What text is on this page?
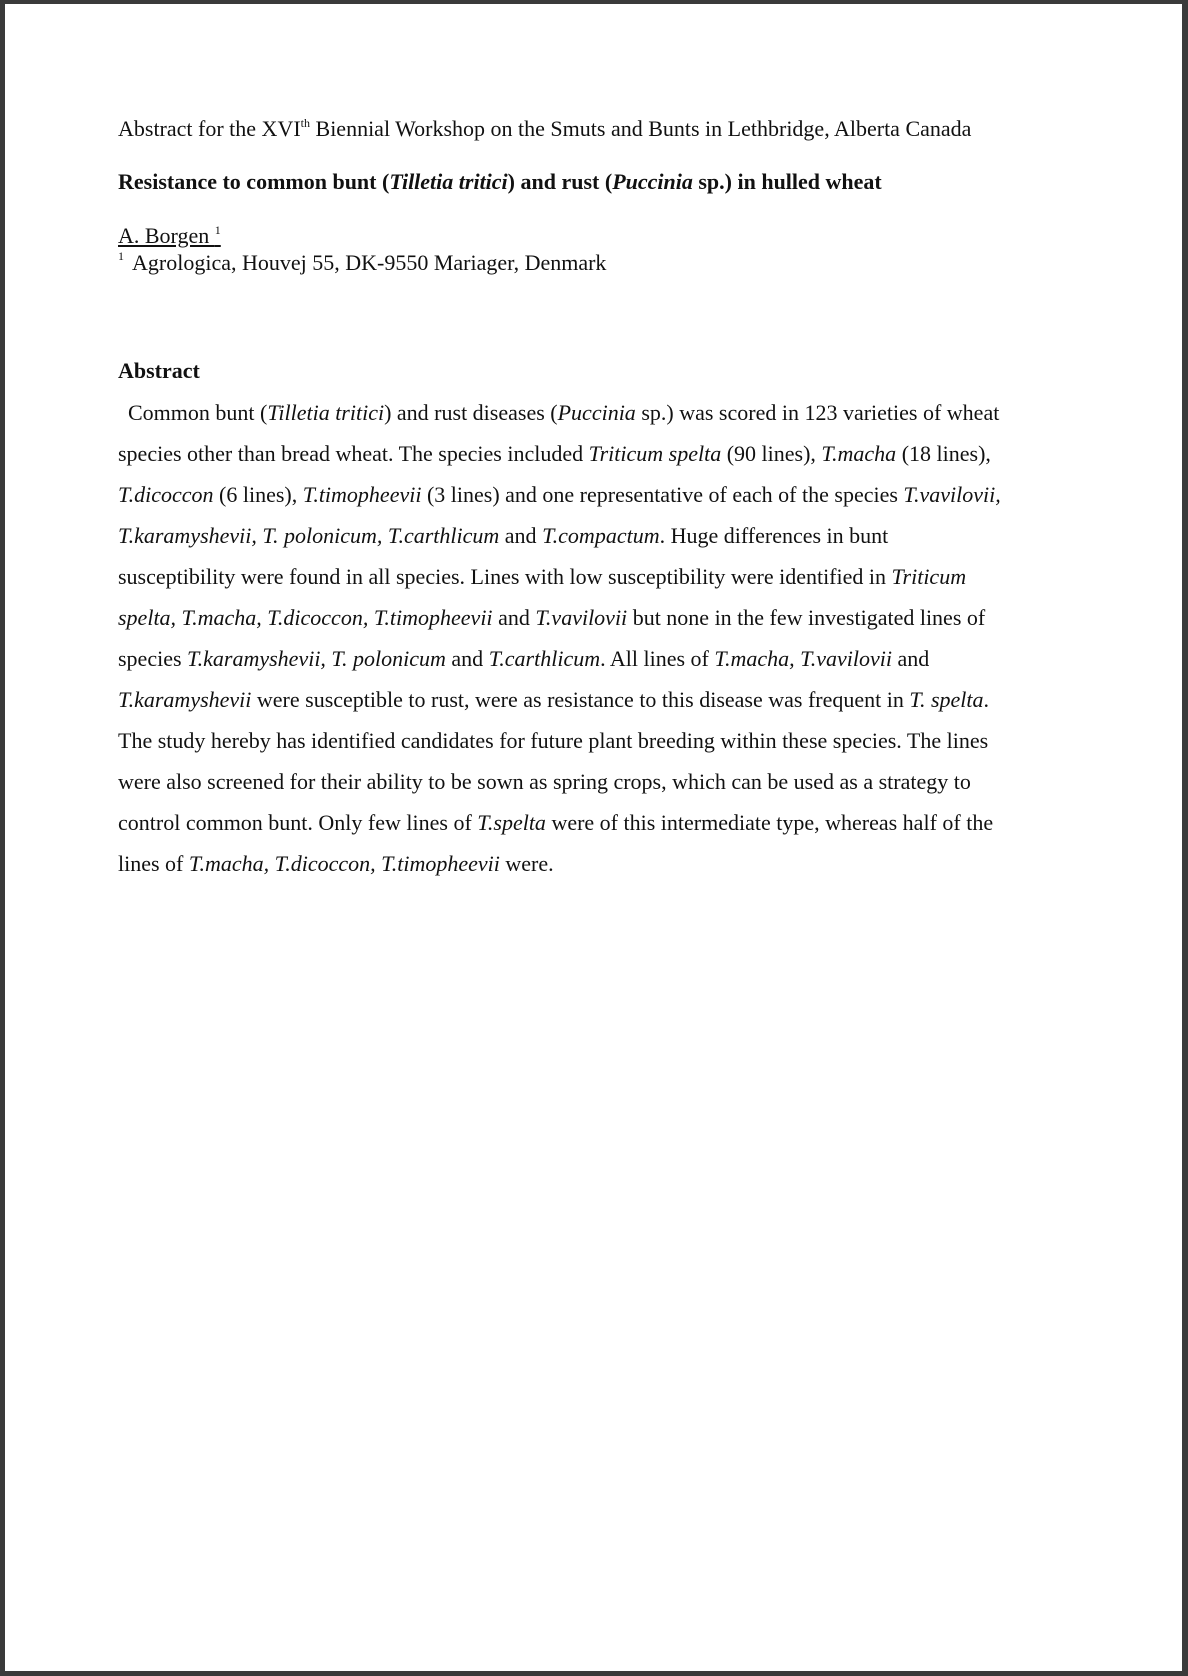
Abstract for the XVIth Biennial Workshop on the Smuts and Bunts in Lethbridge, Alberta Canada

Resistance to common bunt (Tilletia tritici) and rust (Puccinia sp.) in hulled wheat

A. Borgen $^1$

$^1$ Agrologica, Houvej 55, DK-9550 Mariager, Denmark

Abstract

Common bunt (Tilletia tritici) and rust diseases (Puccinia sp.) was scored in 123 varieties of wheat
species other than bread wheat. The species included Triticum spelta (90 lines), T.macha (18 lines),
T.dicoccon (6 lines), T.timopheevii (3 lines) and one representative of each of the species T.vavilovii,
T.karamyshevii, T. polonicum, T.carthlicum and T.compactum. Huge differences in bunt
susceptibility were found in all species. Lines with low susceptibility were identified in Triticum
spelta, T.macha, T.dicoccon, T.timopheevii and T.vavilovii but none in the few investigated lines of
species T.karamyshevii, T. polonicum and T.carthlicum. All lines of T.macha, T.vavilovii and
T.karamyshevii were susceptible to rust, were as resistance to this disease was frequent in T. spelta.
The study hereby has identified candidates for future plant breeding within these species. The lines
were also screened for their ability to be sown as spring crops, which can be used as a strategy to
control common bunt. Only few lines of T.spelta were of this intermediate type, whereas half of the
lines of T.macha, T.dicoccon, T.timopheevii were.
